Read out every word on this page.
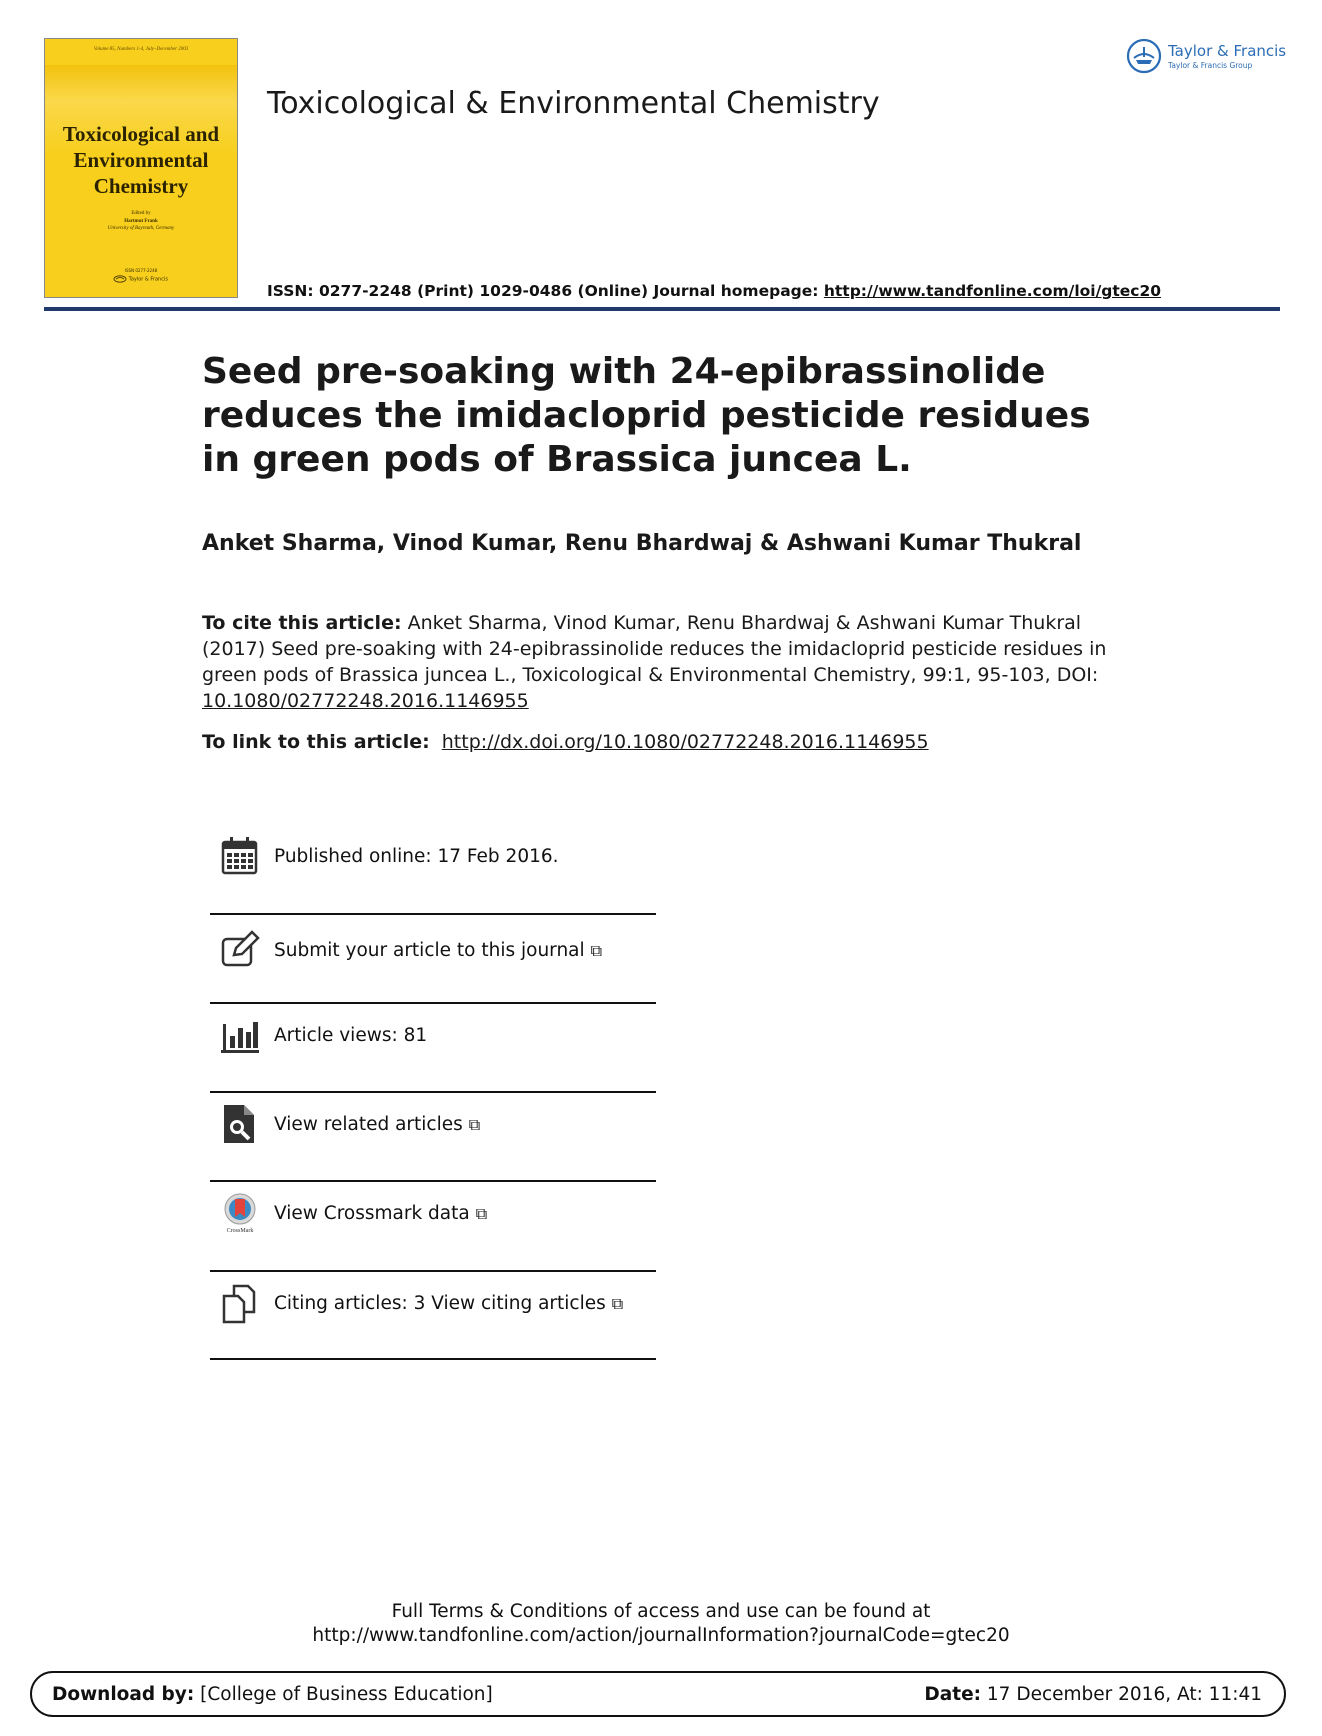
Volume 85, Numbers 1-4, July–December 2003
Toxicological and
Environmental
Chemistry
Edited by
Hartmut Frank
University of Bayreuth, Germany
ISSN 0277-2248
Taylor & Francis
Toxicological & Environmental Chemistry
Taylor & Francis
Taylor & Francis Group
ISSN: 0277-2248 (Print) 1029-0486 (Online) Journal homepage: http://www.tandfonline.com/loi/gtec20
Seed pre-soaking with 24-epibrassinolide reduces the imidacloprid pesticide residues in green pods of Brassica juncea L.
Anket Sharma, Vinod Kumar, Renu Bhardwaj & Ashwani Kumar Thukral
To cite this article: Anket Sharma, Vinod Kumar, Renu Bhardwaj & Ashwani Kumar Thukral (2017) Seed pre-soaking with 24-epibrassinolide reduces the imidacloprid pesticide residues in green pods of Brassica juncea L., Toxicological & Environmental Chemistry, 99:1, 95-103, DOI:
10.1080/02772248.2016.1146955
To link to this article: http://dx.doi.org/10.1080/02772248.2016.1146955
Published online: 17 Feb 2016.
Submit your article to this journal ⧉
Article views: 81
View related articles ⧉
CrossMark
View Crossmark data ⧉
Citing articles: 3 View citing articles ⧉
Full Terms & Conditions of access and use can be found at
http://www.tandfonline.com/action/journalInformation?journalCode=gtec20
Download by: [College of Business Education]	Date: 17 December 2016, At: 11:41
